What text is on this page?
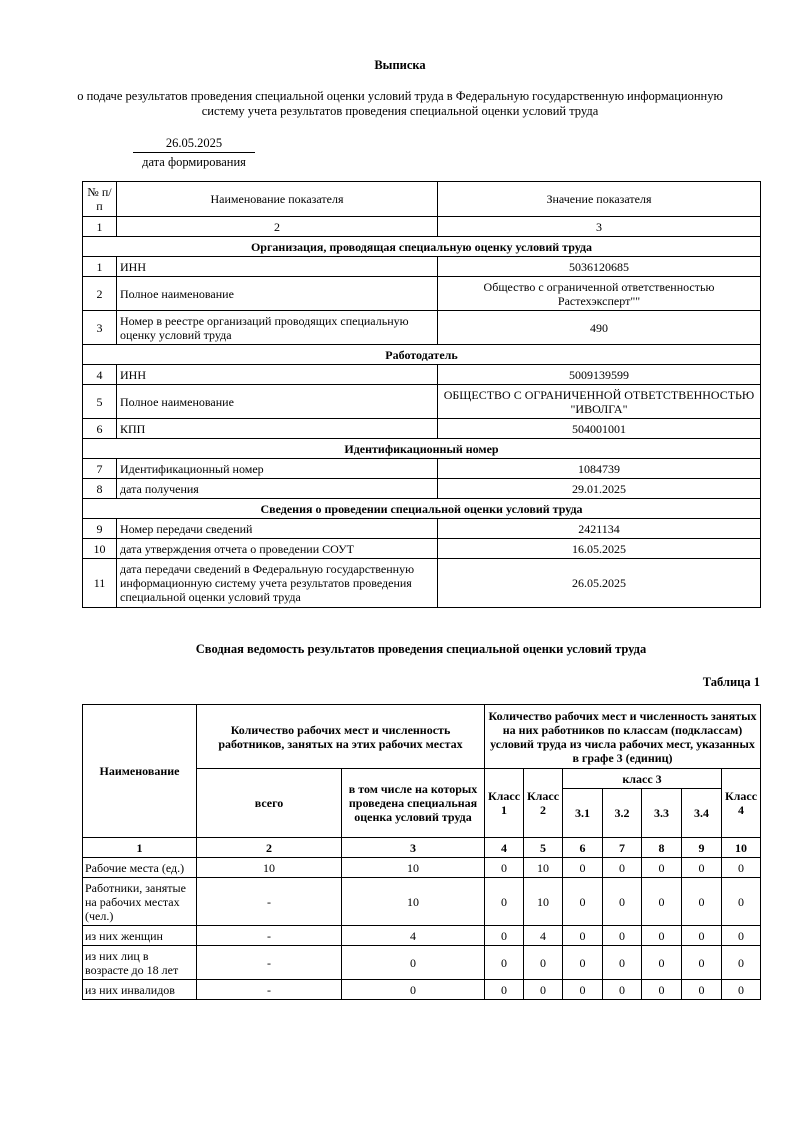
Выписка
о подаче результатов проведения специальной оценки условий труда в Федеральную государственную информационную систему учета результатов проведения специальной оценки условий труда
26.05.2025
дата формирования
№ п/п	Наименование показателя	Значение показателя
1	2	3
Организация, проводящая специальную оценку условий труда		
1	ИНН	5036120685
2	Полное наименование	Общество с ограниченной ответственностью Растехэксперт""
3	Номер в реестре организаций проводящих специальную оценку условий труда	490
Работодатель		
4	ИНН	5009139599
5	Полное наименование	ОБЩЕСТВО С ОГРАНИЧЕННОЙ ОТВЕТСТВЕННОСТЬЮ "ИВОЛГА"
6	КПП	504001001
Идентификационный номер		
7	Идентификационный номер	1084739
8	дата получения	29.01.2025
Сведения о проведении специальной оценки условий труда		
9	Номер передачи сведений	2421134
10	дата утверждения отчета о проведении СОУТ	16.05.2025
11	дата передачи сведений в Федеральную государственную информационную систему учета результатов проведения специальной оценки условий труда	26.05.2025
Сводная ведомость результатов проведения специальной оценки условий труда
Таблица 1
Наименование	Количество рабочих мест и численность работников, занятых на этих рабочих местах		Количество рабочих мест и численность занятых на них работников по классам (подклассам) условий труда из числа рабочих мест, указанных в графе 3 (единиц)						
	всего	в том числе на которых проведена специальная оценка условий труда	Класс 1	Класс 2	класс 3				Класс 4
					3.1	3.2	3.3	3.4	
1	2	3	4	5	6	7	8	9	10
Рабочие места (ед.)	10	10	0	10	0	0	0	0	0
Работники, занятые на рабочих местах (чел.)	-	10	0	10	0	0	0	0	0
из них женщин	-	4	0	4	0	0	0	0	0
из них лиц в возрасте до 18 лет	-	0	0	0	0	0	0	0	0
из них инвалидов	-	0	0	0	0	0	0	0	0
